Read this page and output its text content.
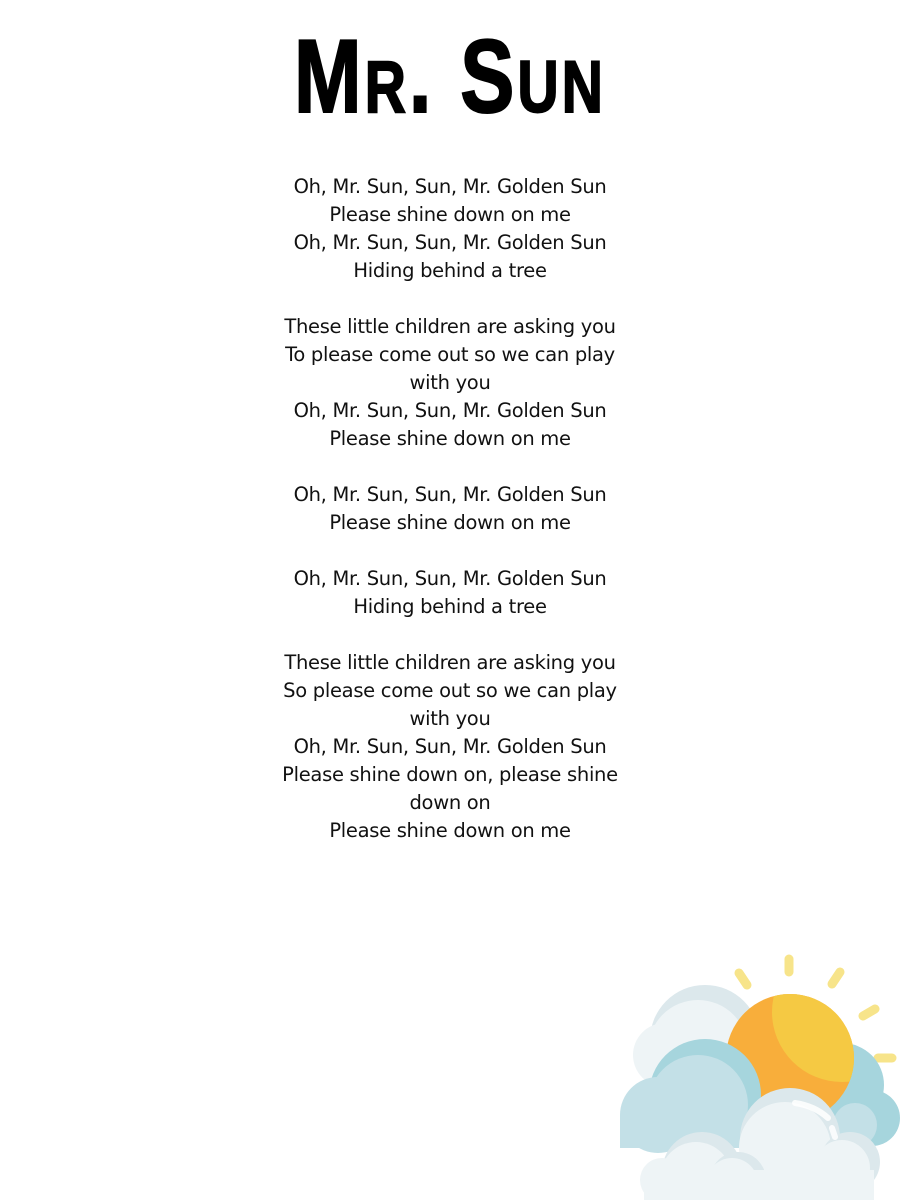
Mr. Sun
Oh, Mr. Sun, Sun, Mr. Golden Sun
Please shine down on me
Oh, Mr. Sun, Sun, Mr. Golden Sun
Hiding behind a tree
These little children are asking you
To please come out so we can play
with you
Oh, Mr. Sun, Sun, Mr. Golden Sun
Please shine down on me
Oh, Mr. Sun, Sun, Mr. Golden Sun
Please shine down on me
Oh, Mr. Sun, Sun, Mr. Golden Sun
Hiding behind a tree
These little children are asking you
So please come out so we can play
with you
Oh, Mr. Sun, Sun, Mr. Golden Sun
Please shine down on, please shine
down on
Please shine down on me
